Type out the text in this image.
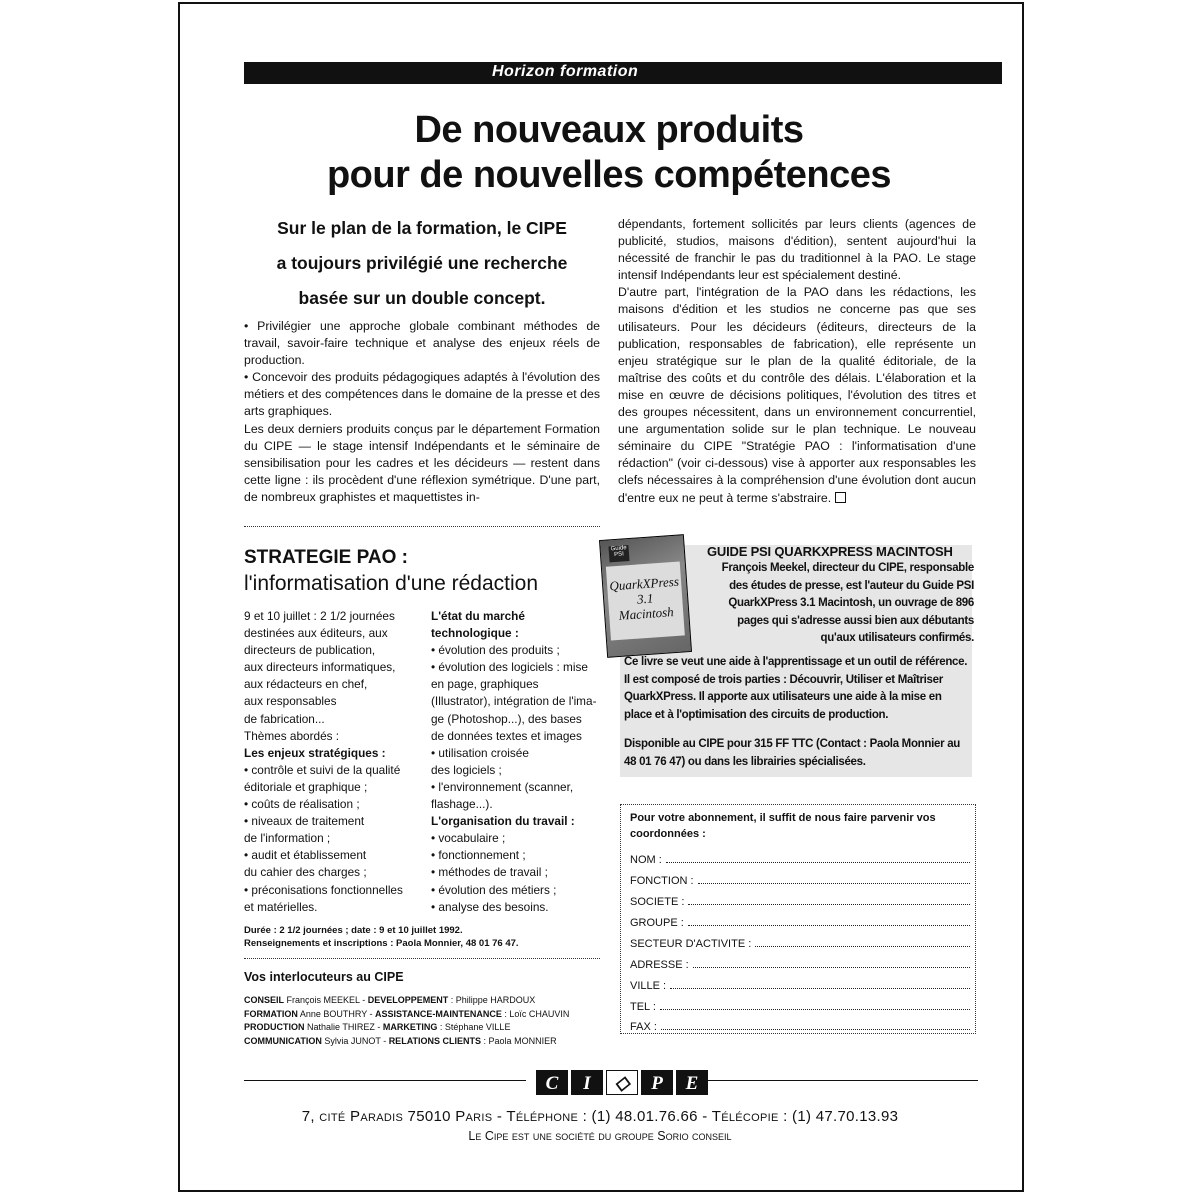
Horizon formation
De nouveaux produits
pour de nouvelles compétences
Sur le plan de la formation, le CIPE
a toujours privilégié une recherche
basée sur un double concept.

• Privilégier une approche globale combinant méthodes de travail, savoir-faire technique et analyse des enjeux réels de production.

• Concevoir des produits pédagogiques adaptés à l'évolution des métiers et des compétences dans le domaine de la presse et des arts graphiques.

Les deux derniers produits conçus par le département Formation du CIPE — le stage intensif Indépendants et le séminaire de sensibilisation pour les cadres et les décideurs — restent dans cette ligne : ils procèdent d'une réflexion symétrique. D'une part, de nombreux graphistes et maquettistes in-

dépendants, fortement sollicités par leurs clients (agences de publicité, studios, maisons d'édition), sentent aujourd'hui la nécessité de franchir le pas du traditionnel à la PAO. Le stage intensif Indépendants leur est spécialement destiné.

D'autre part, l'intégration de la PAO dans les rédactions, les maisons d'édition et les studios ne concerne pas que ses utilisateurs. Pour les décideurs (éditeurs, directeurs de la publication, responsables de fabrication), elle représente un enjeu stratégique sur le plan de la qualité éditoriale, de la maîtrise des coûts et du contrôle des délais. L'élaboration et la mise en œuvre de décisions politiques, l'évolution des titres et des groupes nécessitent, dans un environnement concurrentiel, une argumentation solide sur le plan technique. Le nouveau séminaire du CIPE "Stratégie PAO : l'informatisation d'une rédaction" (voir ci-dessous) vise à apporter aux responsables les clefs nécessaires à la compréhension d'une évolution dont aucun d'entre eux ne peut à terme s'abstraire.

STRATEGIE PAO :
l'informatisation d'une rédaction
9 et 10 juillet : 2 1/2 journées
destinées aux éditeurs, aux
directeurs de publication,
aux directeurs informatiques,
aux rédacteurs en chef,
aux responsables
de fabrication...
Thèmes abordés :
Les enjeux stratégiques :
• contrôle et suivi de la qualité
éditoriale et graphique ;
• coûts de réalisation ;
• niveaux de traitement
de l'information ;
• audit et établissement
du cahier des charges ;
• préconisations fonctionnelles
et matérielles.
L'état du marché
technologique :
• évolution des produits ;
• évolution des logiciels : mise
en page, graphiques
(Illustrator), intégration de l'ima-
ge (Photoshop...), des bases
de données textes et images
• utilisation croisée
des logiciels ;
• l'environnement (scanner,
flashage...).
L'organisation du travail :
• vocabulaire ;
• fonctionnement ;
• méthodes de travail ;
• évolution des métiers ;
• analyse des besoins.
Durée : 2 1/2 journées ; date : 9 et 10 juillet 1992.
Renseignements et inscriptions : Paola Monnier, 48 01 76 47.
Vos interlocuteurs au CIPE
CONSEIL François MEEKEL - DEVELOPPEMENT : Philippe HARDOUX
FORMATION Anne BOUTHRY - ASSISTANCE-MAINTENANCE : Loïc CHAUVIN
PRODUCTION Nathalie THIREZ - MARKETING : Stéphane VILLE
COMMUNICATION Sylvia JUNOT - RELATIONS CLIENTS : Paola MONNIER
Guide PSI
QuarkXPress 3.1
Macintosh
GUIDE PSI QUARKXPRESS MACINTOSH

François Meekel, directeur du CIPE, responsable des études de presse, est l'auteur du Guide PSI QuarkXPress 3.1 Macintosh, un ouvrage de 896 pages qui s'adresse aussi bien aux débutants qu'aux utilisateurs confirmés.

Ce livre se veut une aide à l'apprentissage et un outil de référence. Il est composé de trois parties : Découvrir, Utiliser et Maîtriser QuarkXPress. Il apporte aux utilisateurs une aide à la mise en place et à l'optimisation des circuits de production.

Disponible au CIPE pour 315 FF TTC (Contact : Paola Monnier au 48 01 76 47) ou dans les librairies spécialisées.

Pour votre abonnement, il suffit de nous faire parvenir vos coordonnées :
NOM :
FONCTION :
SOCIETE :
GROUPE :
SECTEUR D'ACTIVITE :
ADRESSE :
VILLE :
TEL :
FAX :
C	I	◇	P	E
7, cité Paradis 75010 Paris - Téléphone : (1) 48.01.76.66 - Télécopie : (1) 47.70.13.93
Le Cipe est une société du groupe Sorio conseil
